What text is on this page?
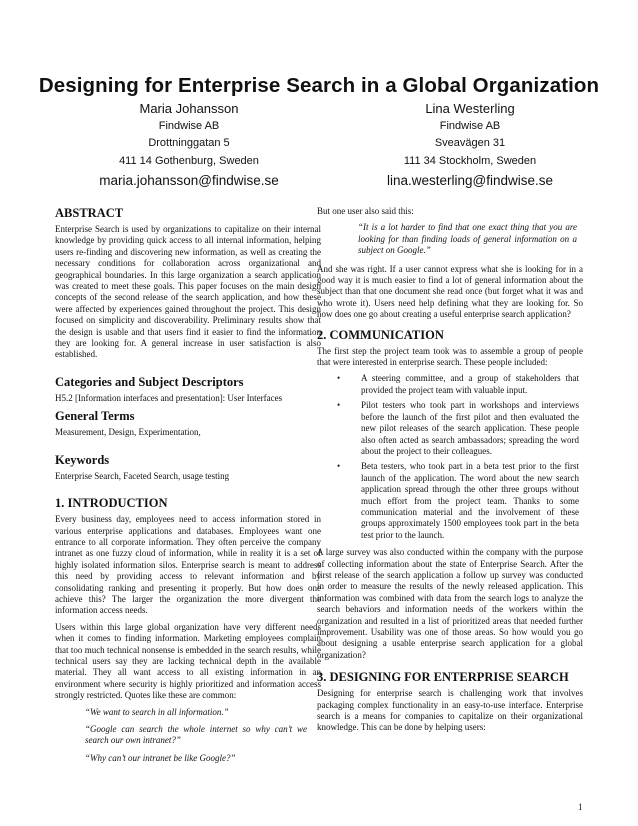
Designing for Enterprise Search in a Global Organization
Maria Johansson
Findwise AB
Drottninggatan 5
411 14 Gothenburg, Sweden
maria.johansson@findwise.se
Lina Westerling
Findwise AB
Sveavägen 31
111 34 Stockholm, Sweden
lina.westerling@findwise.se
ABSTRACT

Enterprise Search is used by organizations to capitalize on their internal knowledge by providing quick access to all internal information, helping users re-finding and discovering new information, as well as creating the necessary conditions for collaboration across organizational and geographical boundaries. In this large organization a search application was created to meet these goals. This paper focuses on the main design concepts of the second release of the search application, and how these were affected by experiences gained throughout the project. This design focused on simplicity and discoverability. Preliminary results show that the design is usable and that users find it easier to find the information they are looking for. A general increase in user satisfaction is also established.

Categories and Subject Descriptors

H5.2 [Information interfaces and presentation]: User Interfaces

General Terms

Measurement, Design, Experimentation,

Keywords

Enterprise Search, Faceted Search, usage testing

1. INTRODUCTION

Every business day, employees need to access information stored in various enterprise applications and databases. Employees want one entrance to all corporate information. They often perceive the company intranet as one fuzzy cloud of information, while in reality it is a set of highly isolated information silos. Enterprise search is meant to address this need by providing access to relevant information and by consolidating ranking and presenting it properly. But how does one achieve this? The larger the organization the more divergent the information access needs.

Users within this large global organization have very different needs when it comes to finding information. Marketing employees complain that too much technical nonsense is embedded in the search results, while technical users say they are lacking technical depth in the available material. They all want access to all existing information in an environment where security is highly prioritized and information access strongly restricted. Quotes like these are common:

“We want to search in all information.”
“Google can search the whole internet so why can’t we search our own intranet?”
“Why can’t our intranet be like Google?”

But one user also said this:

“It is a lot harder to find that one exact thing that you are looking for than finding loads of general information on a subject on Google.”

And she was right. If a user cannot express what she is looking for in a good way it is much easier to find a lot of general information about the subject than that one document she read once (but forget what it was and who wrote it). Users need help defining what they are looking for. So how does one go about creating a useful enterprise search application?

2. COMMUNICATION

The first step the project team took was to assemble a group of people that were interested in enterprise search. These people included:

• A steering committee, and a group of stakeholders that provided the project team with valuable input.
• Pilot testers who took part in workshops and interviews before the launch of the first pilot and then evaluated the new pilot releases of the search application. These people also often acted as search ambassadors; spreading the word about the project to their colleagues.
• Beta testers, who took part in a beta test prior to the first launch of the application. The word about the new search application spread through the other three groups without much effort from the project team. Thanks to some communication material and the involvement of these groups approximately 1500 employees took part in the beta test prior to the launch.

A large survey was also conducted within the company with the purpose of collecting information about the state of Enterprise Search. After the first release of the search application a follow up survey was conducted in order to measure the results of the newly released application. This information was combined with data from the search logs to analyze the search behaviors and information needs of the workers within the organization and resulted in a list of prioritized areas that needed further improvement. Usability was one of those areas. So how would you go about designing a usable enterprise search application for a global organization?

3. DESIGNING FOR ENTERPRISE SEARCH

Designing for enterprise search is challenging work that involves packaging complex functionality in an easy-to-use interface. Enterprise search is a means for companies to capitalize on their organizational knowledge. This can be done by helping users:

1
